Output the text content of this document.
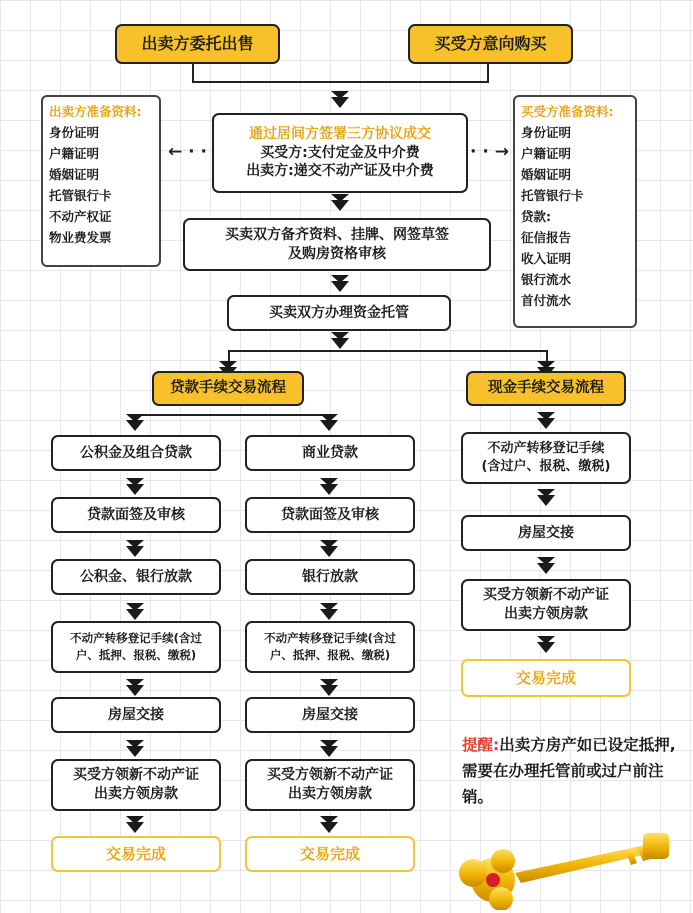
← · ·	· · →
出卖方委托出售	买受方意向购买
出卖方准备资料:
身份证明
户籍证明
婚姻证明
托管银行卡
不动产权证
物业费发票
买受方准备资料:
身份证明
户籍证明
婚姻证明
托管银行卡
贷款:
征信报告
收入证明
银行流水
首付流水
通过居间方签署三方协议成交
买受方:支付定金及中介费
出卖方:递交不动产证及中介费
买卖双方备齐资料、挂牌、网签草签
及购房资格审核
买卖双方办理资金托管
贷款手续交易流程	现金手续交易流程
公积金及组合贷款
贷款面签及审核
公积金、银行放款
不动产转移登记手续(含过
户、抵押、报税、缴税)
房屋交接
买受方领新不动产证
出卖方领房款
交易完成
商业贷款
贷款面签及审核
银行放款
不动产转移登记手续(含过
户、抵押、报税、缴税)
房屋交接
买受方领新不动产证
出卖方领房款
交易完成
不动产转移登记手续
(含过户、报税、缴税)
房屋交接
买受方领新不动产证
出卖方领房款
交易完成
提醒:出卖方房产如已设定抵押,需要在办理托管前或过户前注销。
